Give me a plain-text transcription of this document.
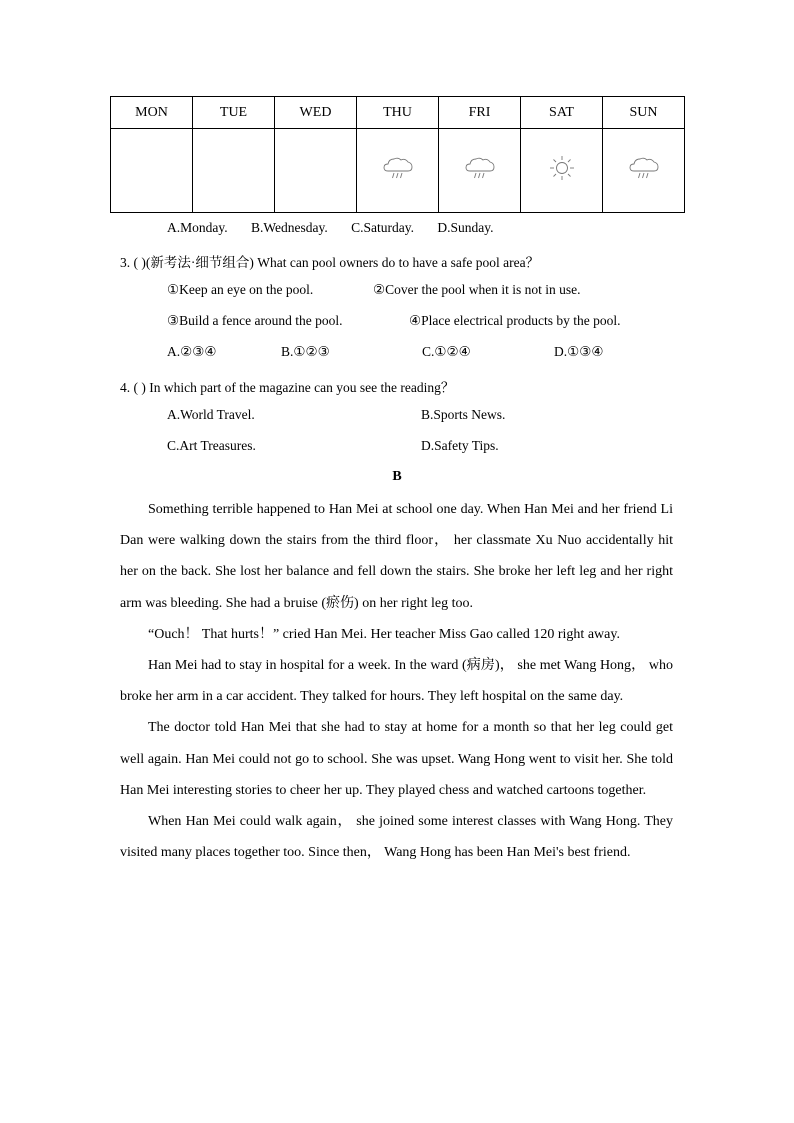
MON	TUE	WED	THU	FRI	SAT	SUN

A.Monday. B.Wednesday. C.Saturday. D.Sunday.
3. ( )(新考法·细节组合) What can pool owners do to have a safe pool area？
①Keep an eye on the pool.	②Cover the pool when it is not in use.
③Build a fence around the pool.	④Place electrical products by the pool.
A.②③④	B.①②③	C.①②④	D.①③④
4. ( ) In which part of the magazine can you see the reading？
A.World Travel.	B.Sports News.
C.Art Treasures.	D.Safety Tips.
B

Something terrible happened to Han Mei at school one day. When Han Mei and her friend Li Dan were walking down the stairs from the third floor， her classmate Xu Nuo accidentally hit her on the back. She lost her balance and fell down the stairs. She broke her left leg and her right arm was bleeding. She had a bruise (瘀伤) on her right leg too.

“Ouch！ That hurts！” cried Han Mei. Her teacher Miss Gao called 120 right away.

Han Mei had to stay in hospital for a week. In the ward (病房)， she met Wang Hong， who broke her arm in a car accident. They talked for hours. They left hospital on the same day.

The doctor told Han Mei that she had to stay at home for a month so that her leg could get well again. Han Mei could not go to school. She was upset. Wang Hong went to visit her. She told Han Mei interesting stories to cheer her up. They played chess and watched cartoons together.

When Han Mei could walk again， she joined some interest classes with Wang Hong. They visited many places together too. Since then， Wang Hong has been Han Mei's best friend.
